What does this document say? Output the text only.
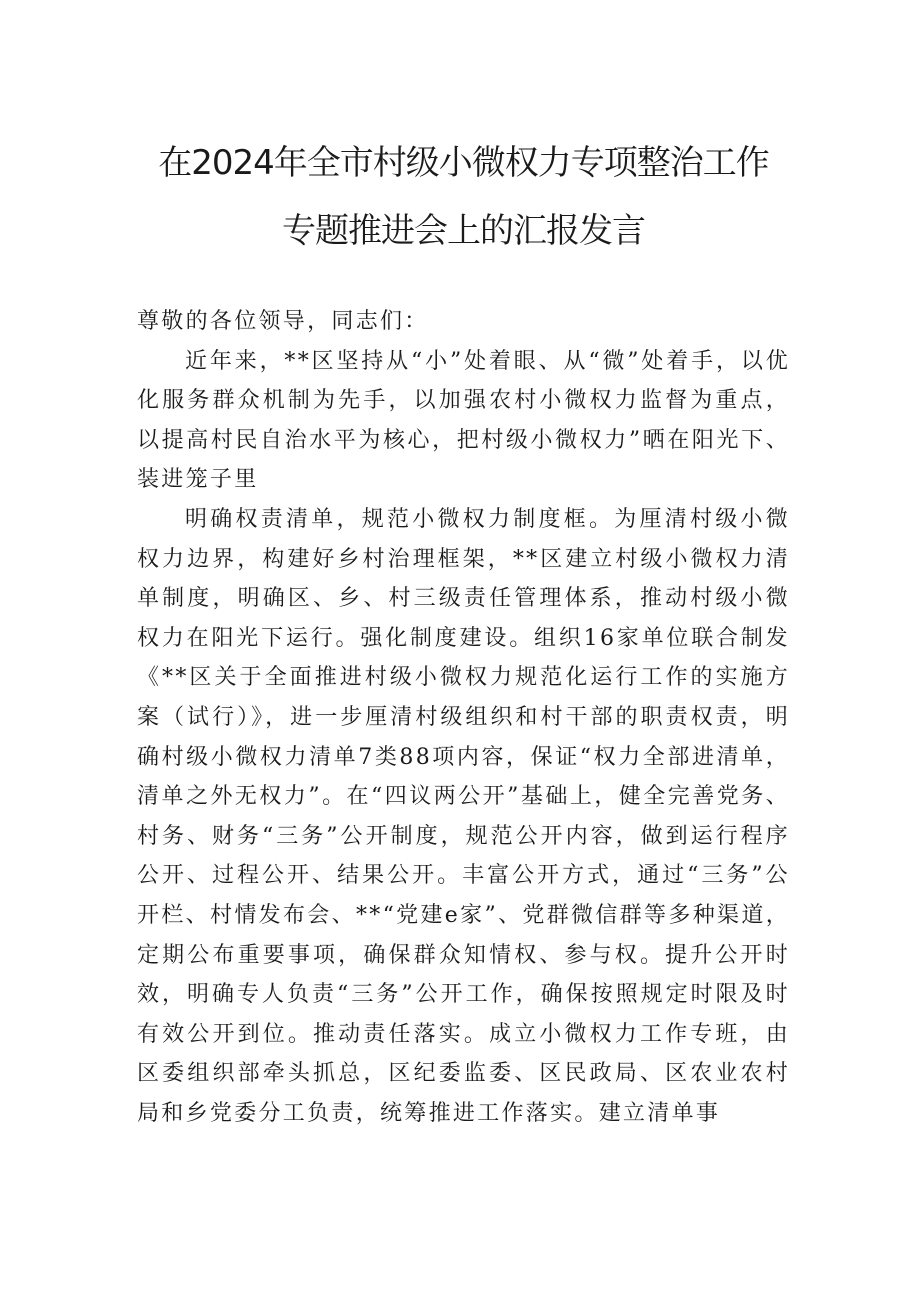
在2024年全市村级小微权力专项整治工作
专题推进会上的汇报发言

尊敬的各位领导，同志们：

近年来，**区坚持从“小”处着眼、从“微”处着手，以优化服务群众机制为先手，以加强农村小微权力监督为重点，以提高村民自治水平为核心，把村级小微权力”晒在阳光下、装进笼子里

明确权责清单，规范小微权力制度框。为厘清村级小微权力边界，构建好乡村治理框架，**区建立村级小微权力清单制度，明确区、乡、村三级责任管理体系，推动村级小微权力在阳光下运行。强化制度建设。组织16家单位联合制发《**区关于全面推进村级小微权力规范化运行工作的实施方案（试行）》，进一步厘清村级组织和村干部的职责权责，明确村级小微权力清单7类88项内容，保证“权力全部进清单，清单之外无权力”。在“四议两公开”基础上，健全完善党务、村务、财务“三务”公开制度，规范公开内容，做到运行程序公开、过程公开、结果公开。丰富公开方式，通过“三务”公开栏、村情发布会、**“党建e家”、党群微信群等多种渠道，定期公布重要事项，确保群众知情权、参与权。提升公开时效，明确专人负责“三务”公开工作，确保按照规定时限及时有效公开到位。推动责任落实。成立小微权力工作专班，由区委组织部牵头抓总，区纪委监委、区民政局、区农业农村局和乡党委分工负责，统筹推进工作落实。建立清单事
